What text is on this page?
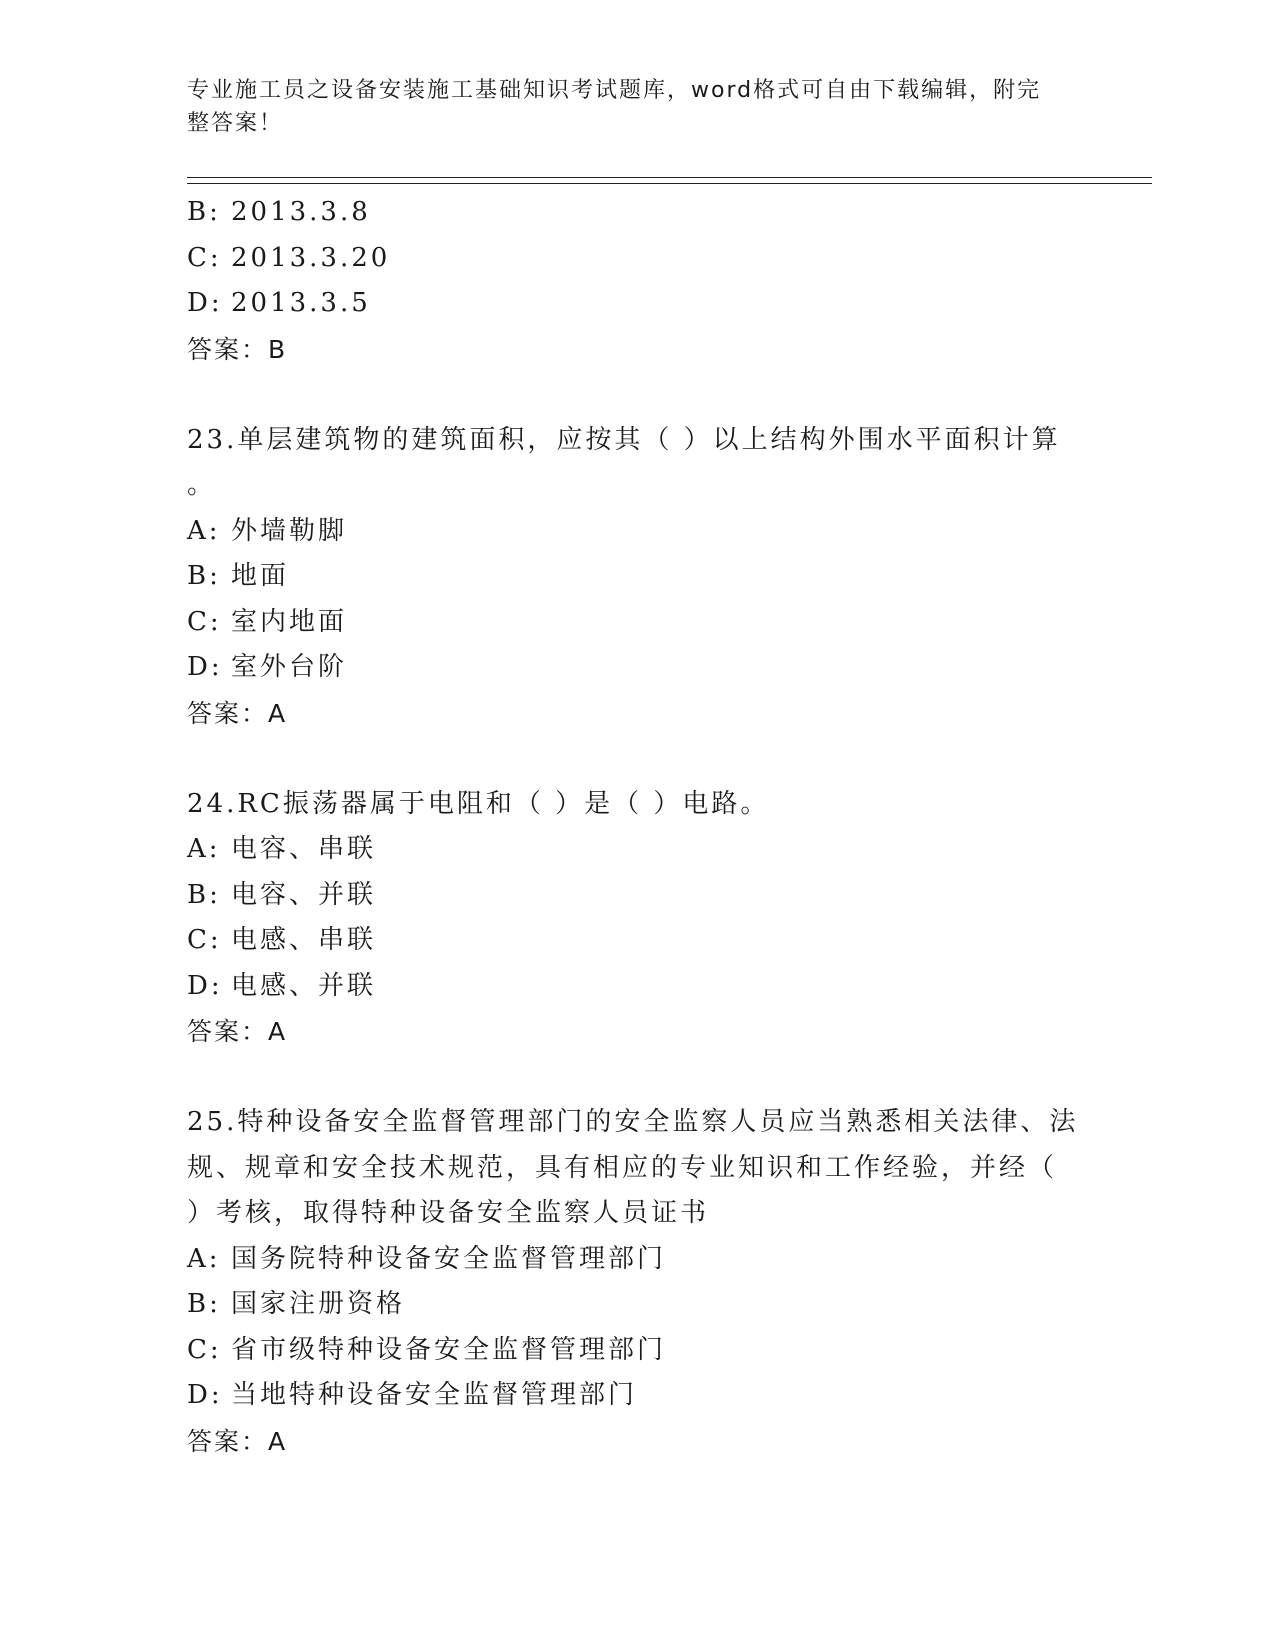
专业施工员之设备安装施工基础知识考试题库，word格式可自由下载编辑，附完
整答案！
B: 2013.3.8
C: 2013.3.20
D: 2013.3.5
答案：B
23.单层建筑物的建筑面积，应按其（ ）以上结构外围水平面积计算
。
A: 外墙勒脚
B: 地面
C: 室内地面
D: 室外台阶
答案：A
24.RC振荡器属于电阻和（ ）是（ ）电路。
A: 电容、串联
B: 电容、并联
C: 电感、串联
D: 电感、并联
答案：A
25.特种设备安全监督管理部门的安全监察人员应当熟悉相关法律、法
规、规章和安全技术规范，具有相应的专业知识和工作经验，并经（
）考核，取得特种设备安全监察人员证书
A: 国务院特种设备安全监督管理部门
B: 国家注册资格
C: 省市级特种设备安全监督管理部门
D: 当地特种设备安全监督管理部门
答案：A
